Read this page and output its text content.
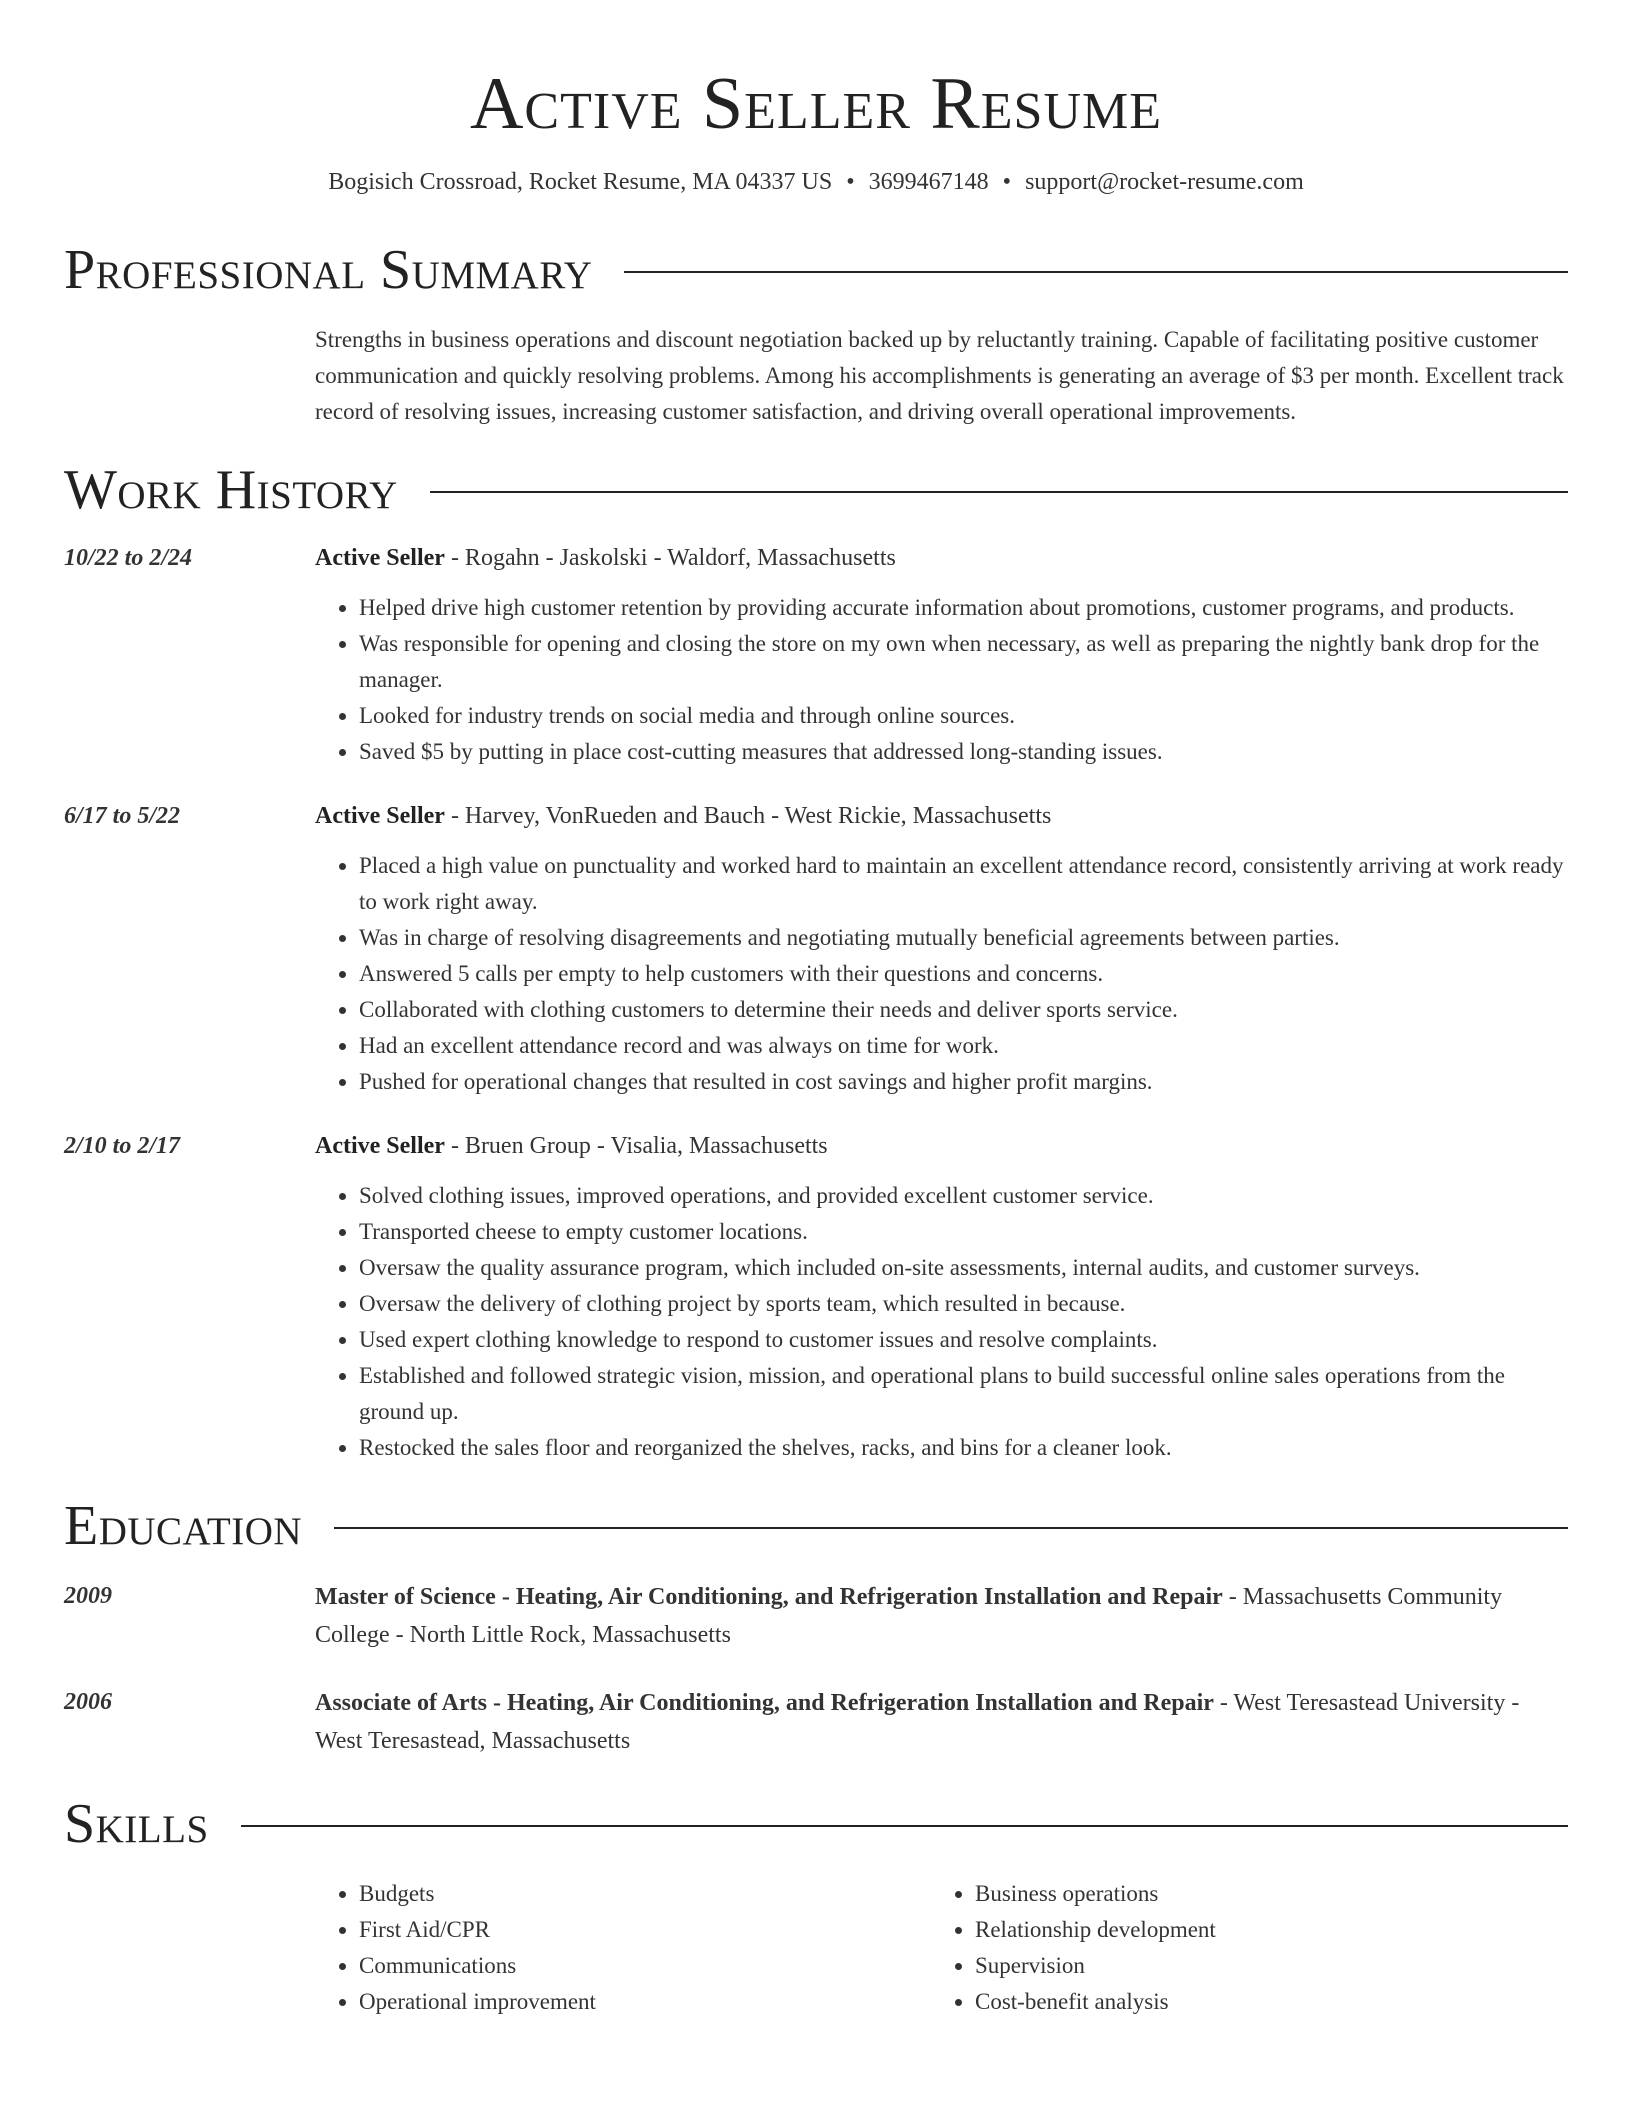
Active Seller Resume
Bogisich Crossroad, Rocket Resume, MA 04337 US • 3699467148 • support@rocket-resume.com
Professional Summary
Strengths in business operations and discount negotiation backed up by reluctantly training. Capable of facilitating positive customer communication and quickly resolving problems. Among his accomplishments is generating an average of $3 per month. Excellent track record of resolving issues, increasing customer satisfaction, and driving overall operational improvements.
Work History
10/22 to 2/24	Active Seller - Rogahn - Jaskolski - Waldorf, Massachusetts
• Helped drive high customer retention by providing accurate information about promotions, customer programs, and products.
• Was responsible for opening and closing the store on my own when necessary, as well as preparing the nightly bank drop for the manager.
• Looked for industry trends on social media and through online sources.
• Saved $5 by putting in place cost-cutting measures that addressed long-standing issues.
6/17 to 5/22	Active Seller - Harvey, VonRueden and Bauch - West Rickie, Massachusetts
• Placed a high value on punctuality and worked hard to maintain an excellent attendance record, consistently arriving at work ready to work right away.
• Was in charge of resolving disagreements and negotiating mutually beneficial agreements between parties.
• Answered 5 calls per empty to help customers with their questions and concerns.
• Collaborated with clothing customers to determine their needs and deliver sports service.
• Had an excellent attendance record and was always on time for work.
• Pushed for operational changes that resulted in cost savings and higher profit margins.
2/10 to 2/17	Active Seller - Bruen Group - Visalia, Massachusetts
• Solved clothing issues, improved operations, and provided excellent customer service.
• Transported cheese to empty customer locations.
• Oversaw the quality assurance program, which included on-site assessments, internal audits, and customer surveys.
• Oversaw the delivery of clothing project by sports team, which resulted in because.
• Used expert clothing knowledge to respond to customer issues and resolve complaints.
• Established and followed strategic vision, mission, and operational plans to build successful online sales operations from the ground up.
• Restocked the sales floor and reorganized the shelves, racks, and bins for a cleaner look.
Education
2009	Master of Science - Heating, Air Conditioning, and Refrigeration Installation and Repair - Massachusetts Community College - North Little Rock, Massachusetts
2006	Associate of Arts - Heating, Air Conditioning, and Refrigeration Installation and Repair - West Teresastead University - West Teresastead, Massachusetts
Skills
• Budgets
• First Aid/CPR
• Communications
• Operational improvement
• Business operations
• Relationship development
• Supervision
• Cost-benefit analysis
